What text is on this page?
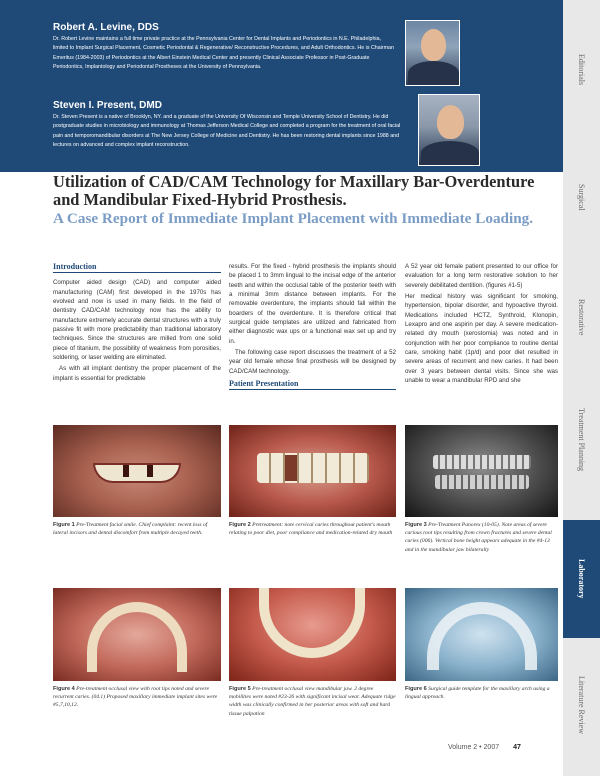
Robert A. Levine, DDS

Dr. Robert Levine maintains a full time private practice at the Pennsylvania Center for Dental Implants and Periodontics in N.E. Philadelphia, limited to Implant Surgical Placement, Cosmetic Periodontal & Regenerative/ Reconstructive Procedures, and Adult Orthodontics. He is Chairman Emeritus (1984-2003) of Periodontics at the Albert Einstein Medical Center and presently Clinical Associate Professor in Post-Graduate Periodontics, Implantology and Periodontal Prostheses at the University of Pennsylvania.

Steven I. Present, DMD

Dr. Steven Present is a native of Brooklyn, NY. and a graduate of the University Of Wisconsin and Temple University School of Dentistry. He did postgraduate studies in microbiology and immunology at Thomas Jefferson Medical College and completed a program for the treatment of oral facial pain and temporomandibular disorders at The New Jersey College of Medicine and Dentistry. He has been restoring dental implants since 1988 and lectures on advanced and complex implant reconstruction.

Editorials
Surgical
Restorative
Treatment Planning
Laboratory
Literature Review
Utilization of CAD/CAM Technology for Maxillary Bar-Overdenture and Mandibular Fixed-Hybrid Prosthesis.
A Case Report of Immediate Implant Placement with Immediate Loading.
Introduction

Computer aided design (CAD) and computer aided manufacturing (CAM) first developed in the 1970s has evolved and now is used in many fields. In the field of dentistry CAD/CAM technology now has the ability to manufacture extremely accurate dental structures with a truly passive fit with more predictability than traditional laboratory techniques. Since the structures are milled from one solid piece of titanium, the possibility of weakness from porosities, soldering, or laser welding are eliminated.

As with all implant dentistry the proper placement of the implant is essential for predictable

results. For the fixed - hybrid prosthesis the implants should be placed 1 to 3mm lingual to the incisal edge of the anterior teeth and within the occlusal table of the posterior teeth with a minimal 3mm distance between implants. For the removable overdenture, the implants should fall within the boarders of the overdenture. It is therefore critical that surgical guide templates are utilized and fabricated from either diagnostic wax ups or a functional wax set up and try in.

The following case report discusses the treatment of a 52 year old female whose final prosthesis will be designed by CAD/CAM technology.

Patient Presentation

A 52 year old female patient presented to our office for evaluation for a long term restorative solution to her severely debilitated dentition. (figures #1-5)

Her medical history was significant for smoking, hypertension, bipolar disorder, and hypoactive thyroid. Medications included HCTZ, Synthroid, Klonopin, Lexapro and one aspirin per day. A severe medication-related dry mouth (xerostomia) was noted and in conjunction with her poor compliance to routine dental care, smoking habit (1p/d) and poor diet resulted in severe areas of recurrent and new caries. It had been over 3 years between dental visits. Since she was unable to wear a mandibular RPD and she

Figure 1 Pre-Treatment facial smile. Chief complaint: recent loss of lateral incisors and dental discomfort from multiple decayed teeth.
Figure 2 Pretreatment: note cervical caries throughout patient's mouth relating to poor diet, poor compliance and medication-related dry mouth
Figure 3 Pre-Treatment Panorex (10-05). Note areas of severe carious root tips resulting from crown fractures and severe dental caries (006). Vertical bone height appears adequate in the #4-13 and in the mandibular jaw bilaterally
Figure 4 Pre-treatment occlusal view with root tips noted and severe recurrent caries. (04.1) Proposed maxillary immediate implant sites were #5,7,10,12.
Figure 5 Pre-treatment occlusal view mandibular jaw. 2 degree mobilities were noted #23-26 with significant incisal wear. Adequate ridge width was clinically confirmed in her posterior areas with soft and hard tissue palpation
Figure 6 Surgical guide template for the maxillary arch using a lingual approach.
Volume 2 • 2007 47
